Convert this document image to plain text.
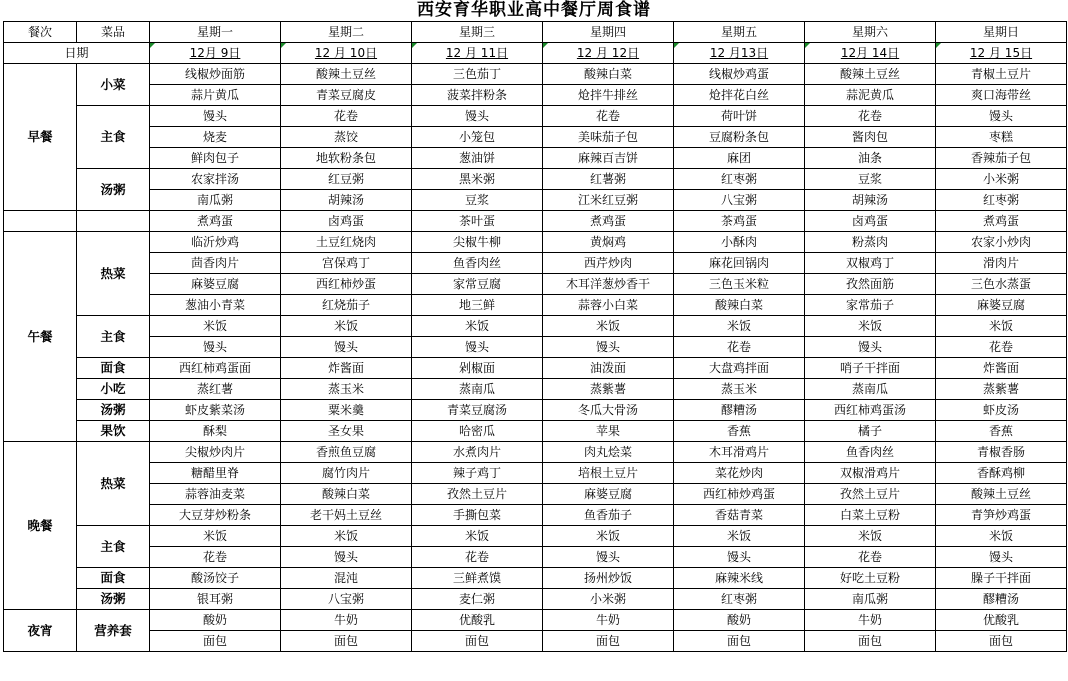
西安育华职业高中餐厅周食谱
餐次	菜品	星期一	星期二	星期三	星期四	星期五	星期六	星期日
日期		12月 9日	12 月 10日	12 月 11日	12 月 12日	12 月13日	12月 14日	12 月 15日
早餐	小菜	线椒炒面筋	酸辣土豆丝	三色茄丁	酸辣白菜	线椒炒鸡蛋	酸辣土豆丝	青椒土豆片
		蒜片黄瓜	青菜豆腐皮	菠菜拌粉条	炝拌牛排丝	炝拌花白丝	蒜泥黄瓜	爽口海带丝
	主食	馒头	花卷	馒头	花卷	荷叶饼	花卷	馒头
		烧麦	蒸饺	小笼包	美味茄子包	豆腐粉条包	酱肉包	枣糕
		鲜肉包子	地软粉条包	葱油饼	麻辣百吉饼	麻团	油条	香辣茄子包
	汤粥	农家拌汤	红豆粥	黑米粥	红薯粥	红枣粥	豆浆	小米粥
		南瓜粥	胡辣汤	豆浆	江米红豆粥	八宝粥	胡辣汤	红枣粥
		煮鸡蛋	卤鸡蛋	茶叶蛋	煮鸡蛋	茶鸡蛋	卤鸡蛋	煮鸡蛋
午餐	热菜	临沂炒鸡	土豆红烧肉	尖椒牛柳	黄焖鸡	小酥肉	粉蒸肉	农家小炒肉
		茴香肉片	宫保鸡丁	鱼香肉丝	西芹炒肉	麻花回锅肉	双椒鸡丁	滑肉片
		麻婆豆腐	西红柿炒蛋	家常豆腐	木耳洋葱炒香干	三色玉米粒	孜然面筋	三色水蒸蛋
		葱油小青菜	红烧茄子	地三鲜	蒜蓉小白菜	酸辣白菜	家常茄子	麻婆豆腐
	主食	米饭	米饭	米饭	米饭	米饭	米饭	米饭
		馒头	馒头	馒头	馒头	花卷	馒头	花卷
	面食	西红柿鸡蛋面	炸酱面	剁椒面	油泼面	大盘鸡拌面	哨子干拌面	炸酱面
	小吃	蒸红薯	蒸玉米	蒸南瓜	蒸紫薯	蒸玉米	蒸南瓜	蒸紫薯
	汤粥	虾皮紫菜汤	粟米羹	青菜豆腐汤	冬瓜大骨汤	醪糟汤	西红柿鸡蛋汤	虾皮汤
	果饮	酥梨	圣女果	哈密瓜	苹果	香蕉	橘子	香蕉
晚餐	热菜	尖椒炒肉片	香煎鱼豆腐	水煮肉片	肉丸烩菜	木耳滑鸡片	鱼香肉丝	青椒香肠
		糖醋里脊	腐竹肉片	辣子鸡丁	培根土豆片	菜花炒肉	双椒滑鸡片	香酥鸡柳
		蒜蓉油麦菜	酸辣白菜	孜然土豆片	麻婆豆腐	西红柿炒鸡蛋	孜然土豆片	酸辣土豆丝
		大豆芽炒粉条	老干妈土豆丝	手撕包菜	鱼香茄子	香菇青菜	白菜土豆粉	青笋炒鸡蛋
	主食	米饭	米饭	米饭	米饭	米饭	米饭	米饭
		花卷	馒头	花卷	馒头	馒头	花卷	馒头
	面食	酸汤饺子	混沌	三鲜煮馍	扬州炒饭	麻辣米线	好吃土豆粉	臊子干拌面
	汤粥	银耳粥	八宝粥	麦仁粥	小米粥	红枣粥	南瓜粥	醪糟汤
夜宵	营养套	酸奶	牛奶	优酸乳	牛奶	酸奶	牛奶	优酸乳
		面包	面包	面包	面包	面包	面包	面包
